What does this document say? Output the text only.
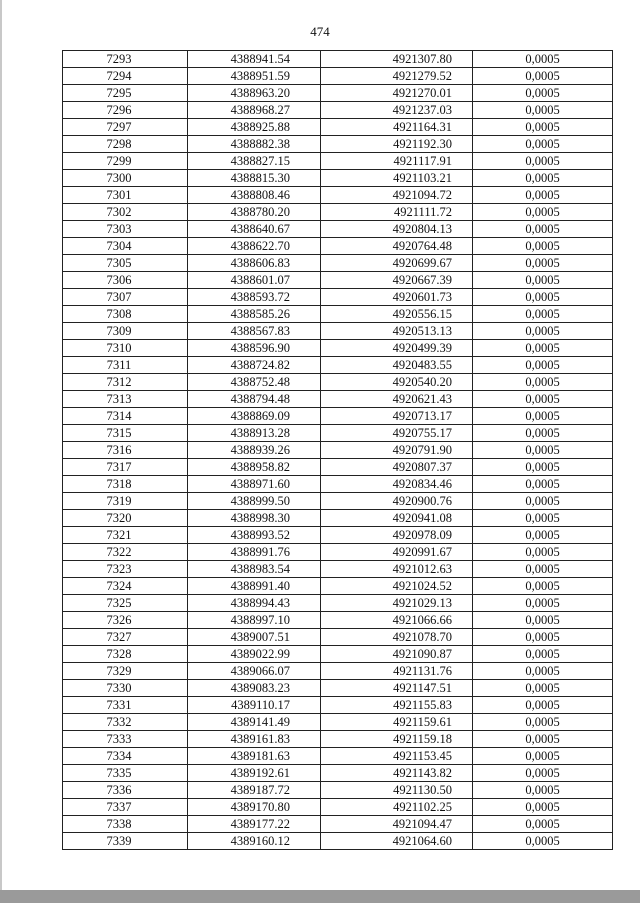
474
7293	4388941.54	4921307.80	0,0005
7294	4388951.59	4921279.52	0,0005
7295	4388963.20	4921270.01	0,0005
7296	4388968.27	4921237.03	0,0005
7297	4388925.88	4921164.31	0,0005
7298	4388882.38	4921192.30	0,0005
7299	4388827.15	4921117.91	0,0005
7300	4388815.30	4921103.21	0,0005
7301	4388808.46	4921094.72	0,0005
7302	4388780.20	4921111.72	0,0005
7303	4388640.67	4920804.13	0,0005
7304	4388622.70	4920764.48	0,0005
7305	4388606.83	4920699.67	0,0005
7306	4388601.07	4920667.39	0,0005
7307	4388593.72	4920601.73	0,0005
7308	4388585.26	4920556.15	0,0005
7309	4388567.83	4920513.13	0,0005
7310	4388596.90	4920499.39	0,0005
7311	4388724.82	4920483.55	0,0005
7312	4388752.48	4920540.20	0,0005
7313	4388794.48	4920621.43	0,0005
7314	4388869.09	4920713.17	0,0005
7315	4388913.28	4920755.17	0,0005
7316	4388939.26	4920791.90	0,0005
7317	4388958.82	4920807.37	0,0005
7318	4388971.60	4920834.46	0,0005
7319	4388999.50	4920900.76	0,0005
7320	4388998.30	4920941.08	0,0005
7321	4388993.52	4920978.09	0,0005
7322	4388991.76	4920991.67	0,0005
7323	4388983.54	4921012.63	0,0005
7324	4388991.40	4921024.52	0,0005
7325	4388994.43	4921029.13	0,0005
7326	4388997.10	4921066.66	0,0005
7327	4389007.51	4921078.70	0,0005
7328	4389022.99	4921090.87	0,0005
7329	4389066.07	4921131.76	0,0005
7330	4389083.23	4921147.51	0,0005
7331	4389110.17	4921155.83	0,0005
7332	4389141.49	4921159.61	0,0005
7333	4389161.83	4921159.18	0,0005
7334	4389181.63	4921153.45	0,0005
7335	4389192.61	4921143.82	0,0005
7336	4389187.72	4921130.50	0,0005
7337	4389170.80	4921102.25	0,0005
7338	4389177.22	4921094.47	0,0005
7339	4389160.12	4921064.60	0,0005
